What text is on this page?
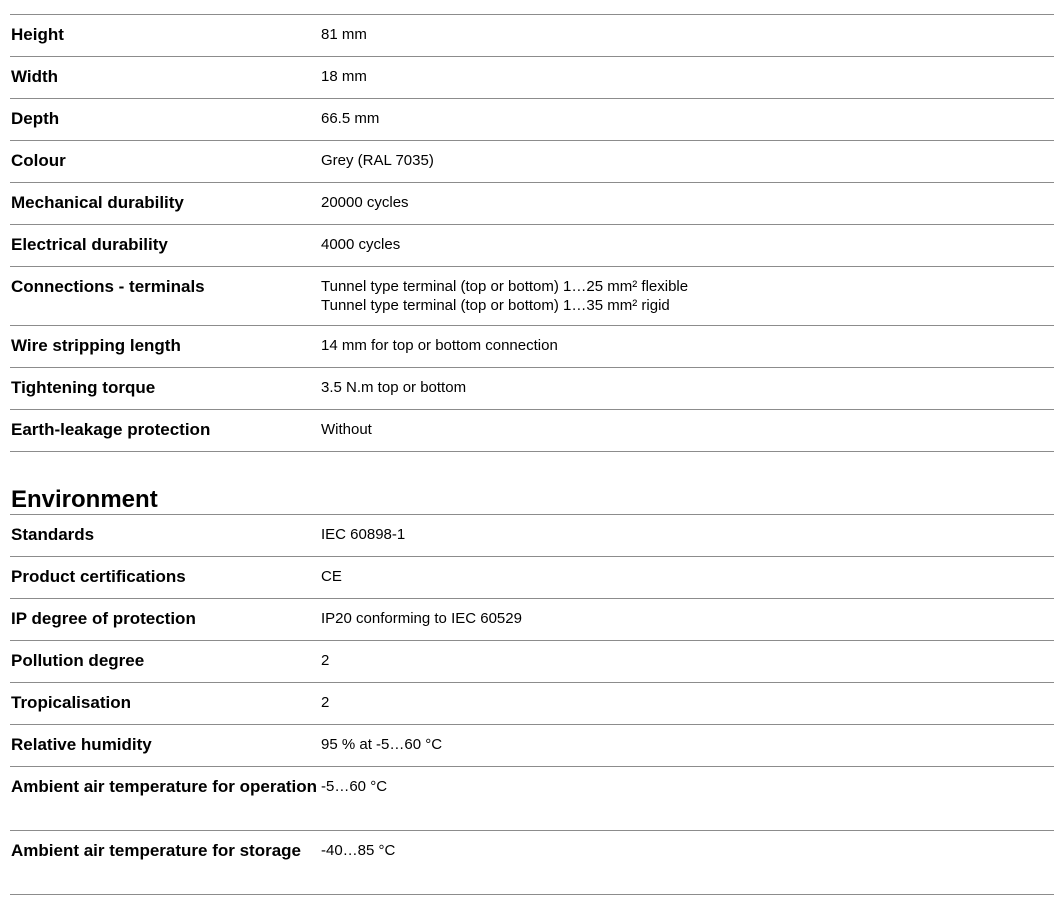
Height	81 mm
Width	18 mm
Depth	66.5 mm
Colour	Grey (RAL 7035)
Mechanical durability	20000 cycles
Electrical durability	4000 cycles
Connections - terminals	Tunnel type terminal (top or bottom) 1…25 mm² flexible
Tunnel type terminal (top or bottom) 1…35 mm² rigid
Wire stripping length	14 mm for top or bottom connection
Tightening torque	3.5 N.m top or bottom
Earth-leakage protection	Without
Environment
Standards	IEC 60898-1
Product certifications	CE
IP degree of protection	IP20 conforming to IEC 60529
Pollution degree	2
Tropicalisation	2
Relative humidity	95 % at -5…60 °C
Ambient air temperature for operation -5…60 °C
Ambient air temperature for storage	-40…85 °C
